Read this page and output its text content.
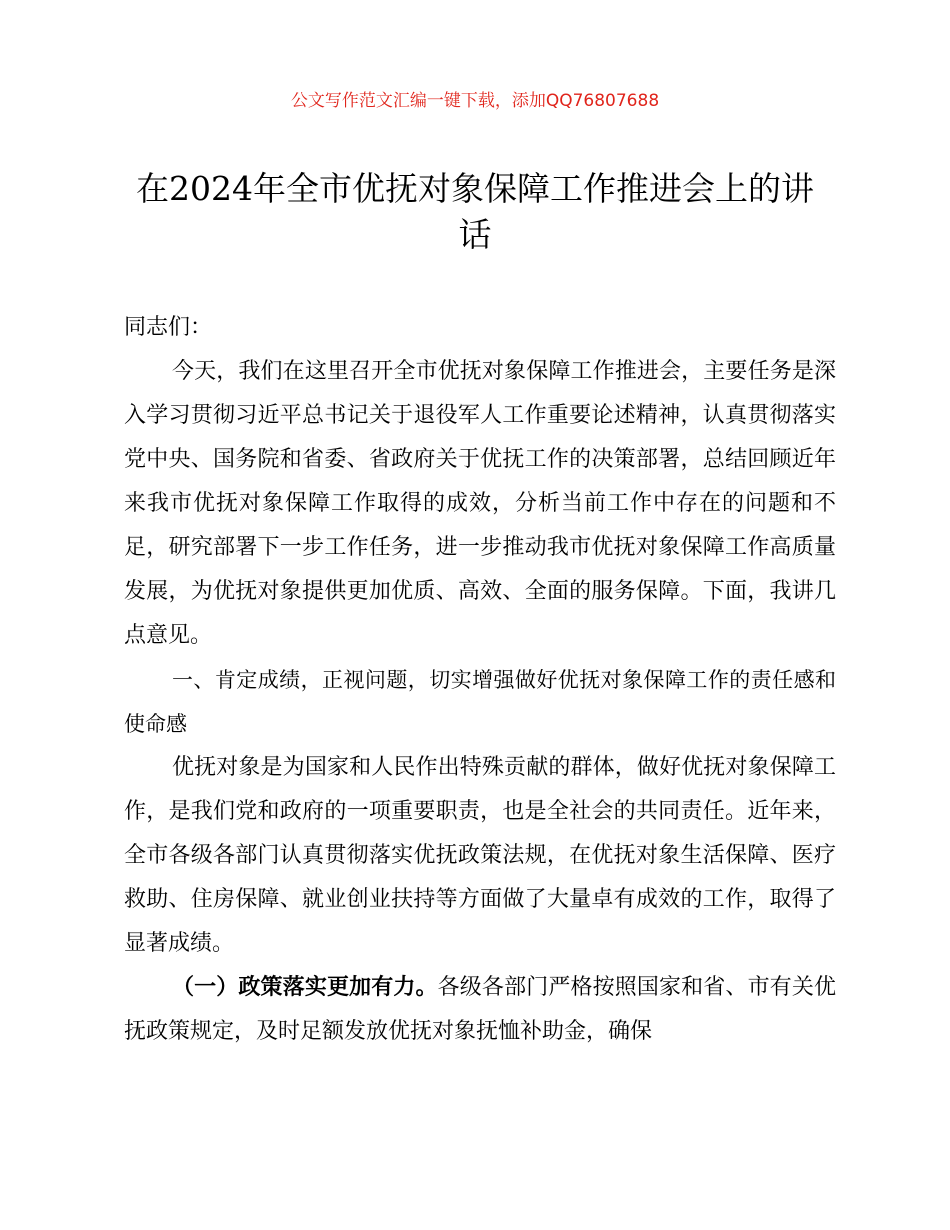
公文写作范文汇编一键下载，添加QQ76807688
在2024年全市优抚对象保障工作推进会上的讲话

同志们：

今天，我们在这里召开全市优抚对象保障工作推进会，主要任务是深入学习贯彻习近平总书记关于退役军人工作重要论述精神，认真贯彻落实党中央、国务院和省委、省政府关于优抚工作的决策部署，总结回顾近年来我市优抚对象保障工作取得的成效，分析当前工作中存在的问题和不足，研究部署下一步工作任务，进一步推动我市优抚对象保障工作高质量发展，为优抚对象提供更加优质、高效、全面的服务保障。下面，我讲几点意见。

一、肯定成绩，正视问题，切实增强做好优抚对象保障工作的责任感和使命感

优抚对象是为国家和人民作出特殊贡献的群体，做好优抚对象保障工作，是我们党和政府的一项重要职责，也是全社会的共同责任。近年来，全市各级各部门认真贯彻落实优抚政策法规，在优抚对象生活保障、医疗救助、住房保障、就业创业扶持等方面做了大量卓有成效的工作，取得了显著成绩。

（一）政策落实更加有力。各级各部门严格按照国家和省、市有关优抚政策规定，及时足额发放优抚对象抚恤补助金，确保
